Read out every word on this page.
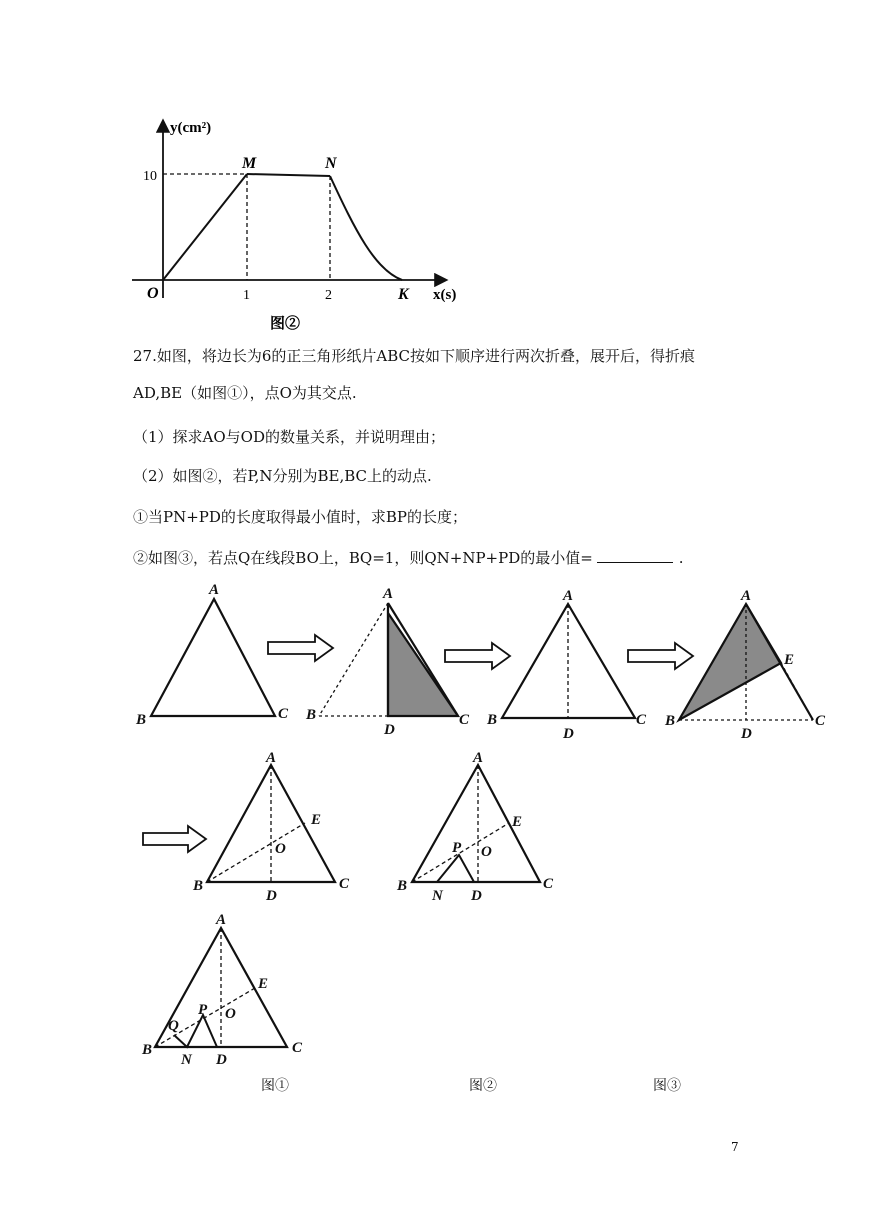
y(cm²)
x(s)
10
1	2
O
M	N
K
图②
27.如图，将边长为6的正三角形纸片ABC按如下顺序进行两次折叠，展开后，得折痕
AD,BE（如图①），点O为其交点.
（1）探求AO与OD的数量关系，并说明理由；
（2）如图②，若P,N分别为BE,BC上的动点.
①当PN+PD的长度取得最小值时，求BP的长度；
②如图③，若点Q在线段BO上，BQ=1，则QN+NP+PD的最小值=	.
A
B	C
A
B	C
D
A
B	C
D
A
B	C
D
E
A
B	C
D
E
O
A
B	C
D
E
O
P
N
A
B	C
D
E
O
P
N
Q
图①	图②	图③
7
